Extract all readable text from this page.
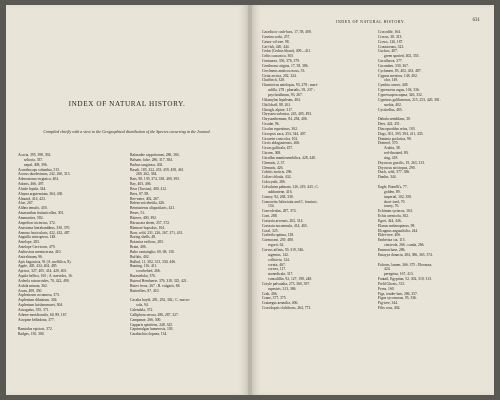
INDEX OF NATURAL HISTORY.
Compiled chiefly with a view to the Geographical distribution of the Species occurring in the Journal.
Acacia, 395, 398, 392.
seltoria, 337.
nepal, 408, 396.
Acanthocaps columbia, 515.
Acorus duodecimus, 242, 260, 313.
Adenostoma virginica, 404.
Adonis, 466, 497.
Aloide lepida, 344.
Alnyna arguiemium, 364, 430.
Almond, 414, 423.
Aloe, 267.
Althea tenuifo, 450.
Amaranthus frutimicollea, 301.
Ammonites, 582.
Ampelion tricinctus, 372.
Anastoma hierabambhus, 330, 370.
Annona fascicularis, 422, 432, 487.
Anguilla microptera, 148.
Antelope, 283.
Antelope Cervicorn, 479.
Anthosirus mentaceruta, 410.
Antirrhinum, 96.
Apis bagonicia, 91 (A. mellifica, 8).
Apple, 405, 434, 404, 485.
Apricot, 327, 405, 414, 420, 403.
Aquila bellica, 165 ; A. naevides, 16.
Ardeola rutracroides, 70, 422, 490.
Ardola minuta, 362.
Arum, 408, 350.
Asplenicum cocamosu, 373.
Asplenium dilatatum, 304.
Asplenium krishnomurei, 304.
Astragalus, 355, 371.
Athene meridionalis, 60, 89, 167.
Atropine belladona, 377.

Bamiulus epiciori, 372.
Badges, 150, 300.
Balasadee cappritorum, 286, 304.
Balsam, false, 286, 317, 384.
Barbus tanginica, 402.
Basalt, 185, 322, 453, 459, 458, 461.
269, 262, 384.
Bats, 98, 139, 374, 338, 400, 393.
Bay, 403, 406.
Bear (Tursius), 400, 412.
Bees, 87, 88.
Bee-eater, 402, 267.
Belem voicebetila, 426.
Bennusterus aliquotilaris, 421.
Beses, 51.
Bitterer, 400, 392.
Bitruscata sheen, 257, 372.
Blamore hopsolus, 104.
Boar, wild, 231, 226, 267, 371, 431.
Boring shells, 48.
Botanica exilicus, 283.
Brain, 406.
Bubo cantatoglio, 60, 68, 130.
Buffalo, 402.
Bulbul, 11, 302, 313, 330, 446.
Bunting, 116, 411.
crowbelied, 266.
Burasteloha, 376.
Buteral Henduerie, 376, 318, 325, 421.
Buteo ferox, 267 ; B. vulgaris, 68.
Butterflies, 87, 410.

Cacalia boydi, 281, 292, 302 ; C. macro-
cola, 94.
Calendula, 372.
Calliphora serosa, 286, 287, 327.
Campanae, 266, 300.
Capparis spinifens, 248, 325.
Caprimulgus humerosis, 103.
Carabachia clopnea, 134.
INDEX OF NATURAL HISTORY.	631
Caradia or cash-bars, 17, 58, 408.
Caseina sorbi, 257.
Castor-oil tree, 98.
Cat-fish, 420, 444.
Cedar (Cedrus libani), 409—411.
Celtis caucasica, 303.
Centaurea, 356, 376, 379.
Centhrosur aitgius, 17, 58, 386.
Cerchneus ansticocoscus, 53.
Cirtia arctica, 202, 324.
Chaffinch, 328.
Chamicirus antelopus, 93, 278 ; mact-
rulilla, 278 ; pharialis, 93, 237 ;
psychoidinum, 93, 267.
Chlamylus lepaleum, 404.
Chiffchaff, 88, 261.
Chough, alpine, 317.
Chrysaea sulonica, 245, 405, 493.
Chrysanthemum, 84, 284, 406.
Cicadæ, 96.
Cicalus equestinus, 302.
Cicropsis zaca, 254, 344, 407.
Circaeter ronicolor, 102.
Circis aldagoutensis, 466.
Circas gallicala, 457.
Citrons, 368.
Citrullus mantiosembilica, 428, 440.
Clematis, 2, 37.
Clematis, 426.
Cobitis isoticis, 296.
Coliae chloala, 432.
Colocynth, 286.
Colvulatea palmata, 126, 419, 443 ; C.
aubloniene, 416.
Comey, 92, 268, 330.
Comoretta Iulioctatia and C. fruniuci,
154.
Convolvulus, 287, 374.
Cont, 288.
Cortaxia arvensis, 202, 314.
Cortaxia nocaensula, 414, 465.
Coral, 325.
Corbeila optima, 128.
Cormorant, 239, 480.
regorii, 62.
Corvus affinis, 59, 319, 546.
argentus, 142.
collisivia, 124.
cornix, 467.
corvax, 117.
monedicala, 317.
vuncalillia, 92, 127, 198, 248.
Cotyle palvatalia, 273, 360, 397.
rupestris, 313, 386.
Crab, 406.
Crane, 377, 375.
Crataegus aesmilia, 406.
Crocidopsis claltifrons, 264, 773.
Crocodile, 164.
Crocus, 38, 313.
Crows, 126, 187.
Crustaceans, 323.
Cuckoo, 407.
green spotted, 402, 355.
Cucullacea, 377.
Cucumber, 330, 367.
Cyclamen, 83, 402, 433, 487.
Cygnus meniros, 148, 402.
olor, 149.
Cymbia cancer, 448.
Cyperaceus argus, 104, 336.
Cypressupria zapna, 326, 332.
Cyprinus galiliaeonus, 215, 253, 420, 381.
suebia, 402.
Cysticellus, 405.

Dabula semiblans, 30.
Deer, 422, 451.
Diacopsoddus refus, 103.
Dogs, 301, 393, 394, 411, 435.
Dominia poclatica, 90.
Dotterel, 370.
Arabia, 38.
red-throated, 89,
ring, 418.
Dryoscus gracilis, 19, 263, 313.
Dryoscus strictopus, 290.
Duck, wild, 377, 386.
Dunlin, 344.

Eagle, Bonelli's, 77.
golden, 89.
imperial, 102, 350.
short-toed, 70.
tawny, 76.
Echinum syriacus, 104.
Echis arenicola, 302.
Egret, 424, 446.
Elanus melanopterus, 98.
Elcagnus angustifolia, 244.
Elder-tree, 406.
Emberiza cia, 115.
cincieola, 266 ; canda, 266.
Emmon base, 286.
Emayya donacia, 284, 386, 365, 374.

Falcons, lanner, 266, 375 ; Eleonora,
424.
peregrina, 167, 413.
Fantail, Egyptian, 52, 302, 310, 313.
Field Ghosts, 313.
Ferns, 160.
Figs, tender-bair, 286, 357.
Figus sycomorus, 95, 336.
Fig-tree, 344.
Filix rosa, 404.
